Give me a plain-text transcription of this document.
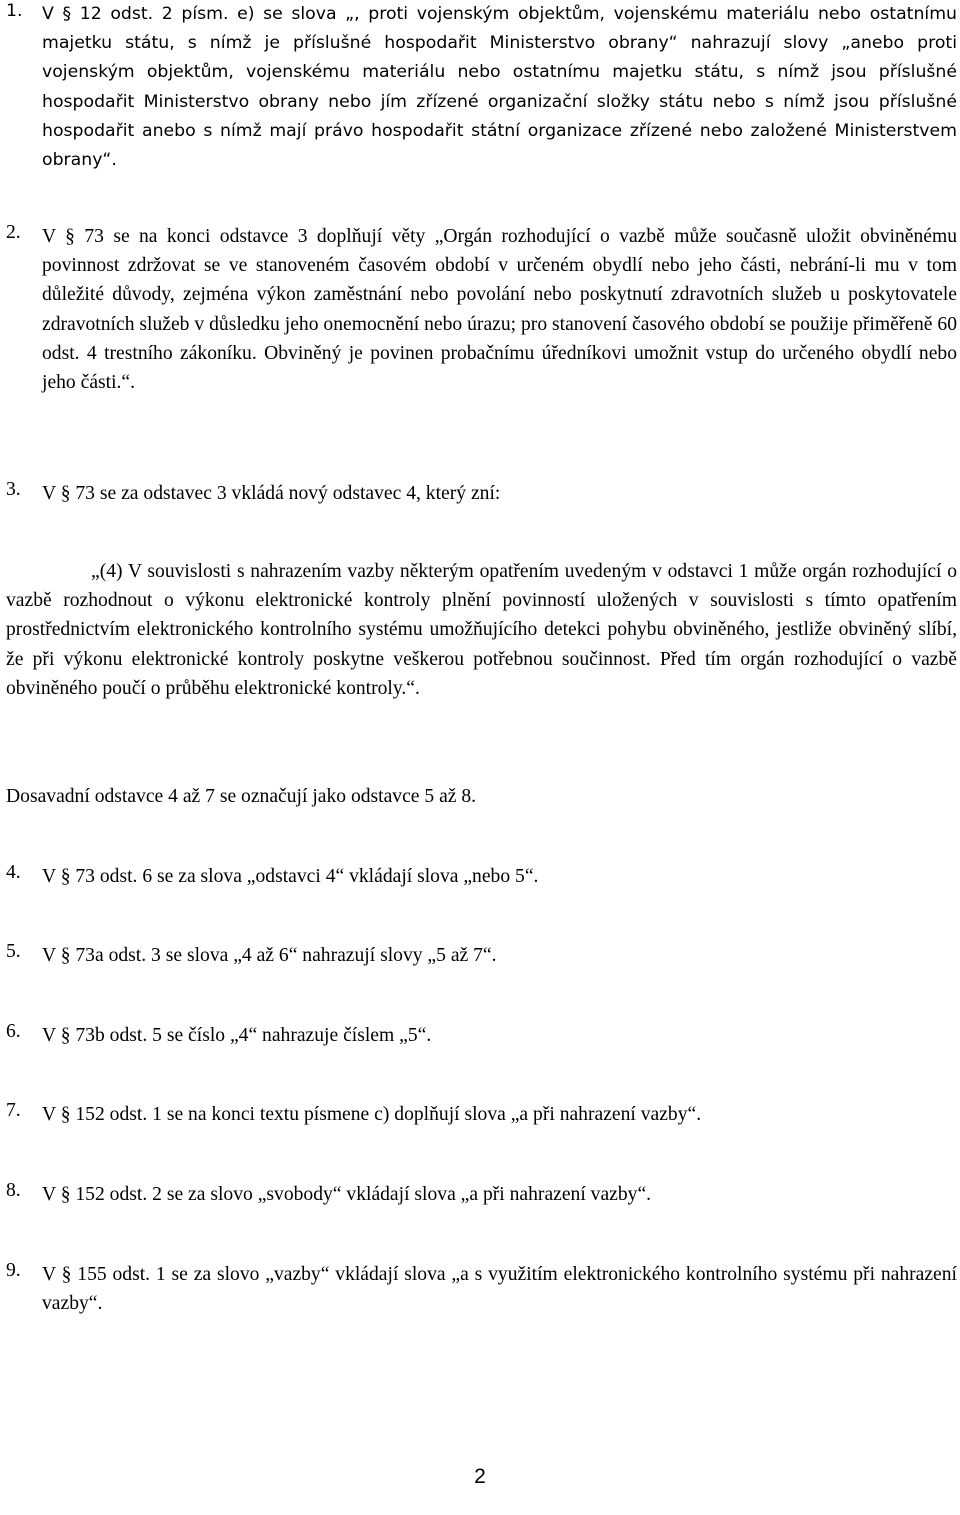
1. V § 12 odst. 2 písm. e) se slova „, proti vojenským objektům, vojenskému materiálu nebo ostatnímu majetku státu, s nímž je příslušné hospodařit Ministerstvo obrany“ nahrazují slovy „anebo proti vojenským objektům, vojenskému materiálu nebo ostatnímu majetku státu, s nímž jsou příslušné hospodařit Ministerstvo obrany nebo jím zřízené organizační složky státu nebo s nímž jsou příslušné hospodařit anebo s nímž mají právo hospodařit státní organizace zřízené nebo založené Ministerstvem obrany“.
2. V § 73 se na konci odstavce 3 doplňují věty „Orgán rozhodující o vazbě může současně uložit obviněnému povinnost zdržovat se ve stanoveném časovém období v určeném obydlí nebo jeho části, nebrání-li mu v tom důležité důvody, zejména výkon zaměstnání nebo povolání nebo poskytnutí zdravotních služeb u poskytovatele zdravotních služeb v důsledku jeho onemocnění nebo úrazu; pro stanovení časového období se použije přiměřeně 60 odst. 4 trestního zákoníku. Obviněný je povinen probačnímu úředníkovi umožnit vstup do určeného obydlí nebo jeho části.“.
3. V § 73 se za odstavec 3 vkládá nový odstavec 4, který zní:
„(4) V souvislosti s nahrazením vazby některým opatřením uvedeným v odstavci 1 může orgán rozhodující o vazbě rozhodnout o výkonu elektronické kontroly plnění povinností uložených v souvislosti s tímto opatřením prostřednictvím elektronického kontrolního systému umožňujícího detekci pohybu obviněného, jestliže obviněný slíbí, že při výkonu elektronické kontroly poskytne veškerou potřebnou součinnost. Před tím orgán rozhodující o vazbě obviněného poučí o průběhu elektronické kontroly.“.
Dosavadní odstavce 4 až 7 se označují jako odstavce 5 až 8.
4. V § 73 odst. 6 se za slova „odstavci 4“ vkládají slova „nebo 5“.
5. V § 73a odst. 3 se slova „4 až 6“ nahrazují slovy „5 až 7“.
6. V § 73b odst. 5 se číslo „4“ nahrazuje číslem „5“.
7. V § 152 odst. 1 se na konci textu písmene c) doplňují slova „a při nahrazení vazby“.
8. V § 152 odst. 2 se za slovo „svobody“ vkládají slova „a při nahrazení vazby“.
9. V § 155 odst. 1 se za slovo „vazby“ vkládají slova „a s využitím elektronického kontrolního systému při nahrazení vazby“.
2
